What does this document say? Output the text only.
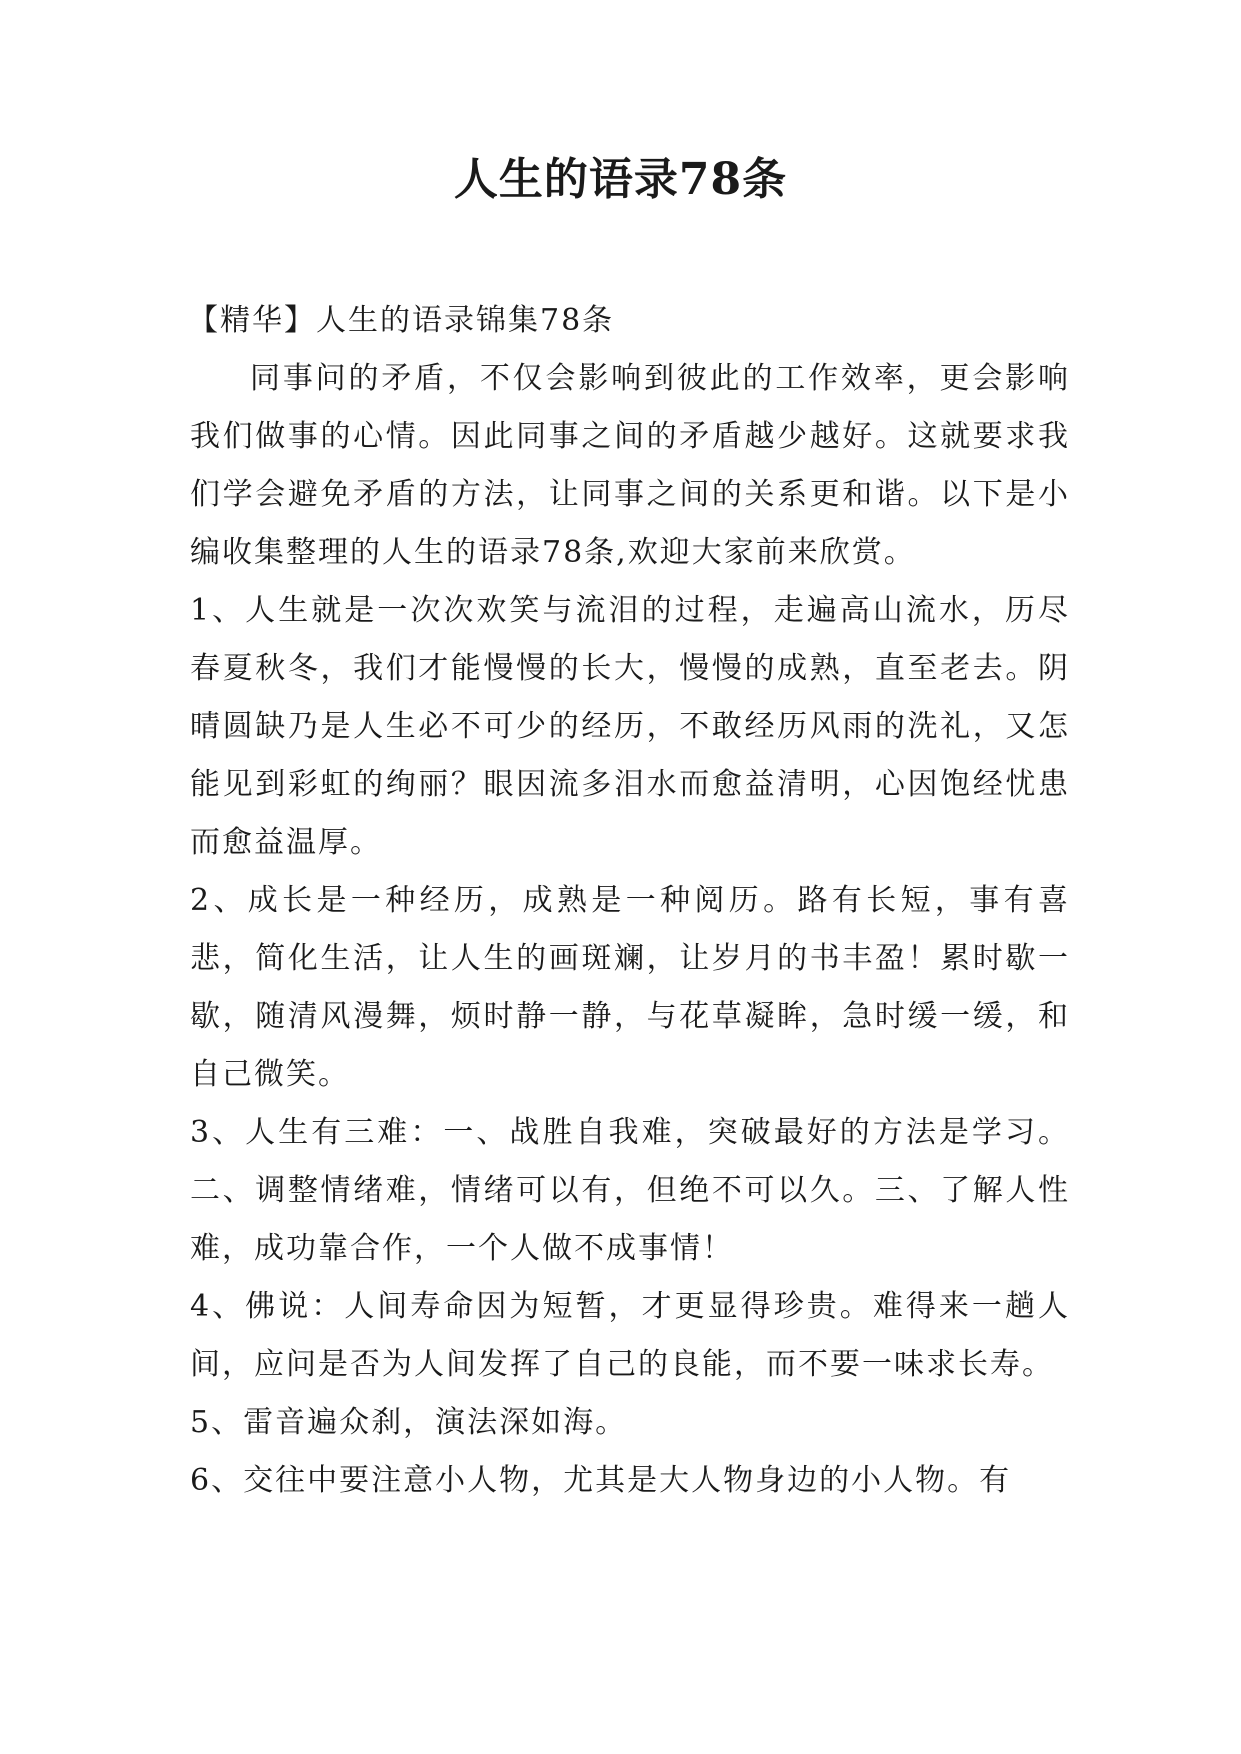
人生的语录78条

【精华】人生的语录锦集78条

同事问的矛盾，不仅会影响到彼此的工作效率，更会影响我们做事的心情。因此同事之间的矛盾越少越好。这就要求我们学会避免矛盾的方法，让同事之间的关系更和谐。以下是小编收集整理的人生的语录78条,欢迎大家前来欣赏。

1、人生就是一次次欢笑与流泪的过程，走遍高山流水，历尽春夏秋冬，我们才能慢慢的长大，慢慢的成熟，直至老去。阴晴圆缺乃是人生必不可少的经历，不敢经历风雨的洗礼，又怎能见到彩虹的绚丽？眼因流多泪水而愈益清明，心因饱经忧患而愈益温厚。

2、成长是一种经历，成熟是一种阅历。路有长短，事有喜悲，简化生活，让人生的画斑斓，让岁月的书丰盈！累时歇一歇，随清风漫舞，烦时静一静，与花草凝眸，急时缓一缓，和自己微笑。

3、人生有三难：一、战胜自我难，突破最好的方法是学习。二、调整情绪难，情绪可以有，但绝不可以久。三、了解人性难，成功靠合作，一个人做不成事情！

4、佛说：人间寿命因为短暂，才更显得珍贵。难得来一趟人间，应问是否为人间发挥了自己的良能，而不要一味求长寿。

5、雷音遍众刹，演法深如海。

6、交往中要注意小人物，尤其是大人物身边的小人物。有
